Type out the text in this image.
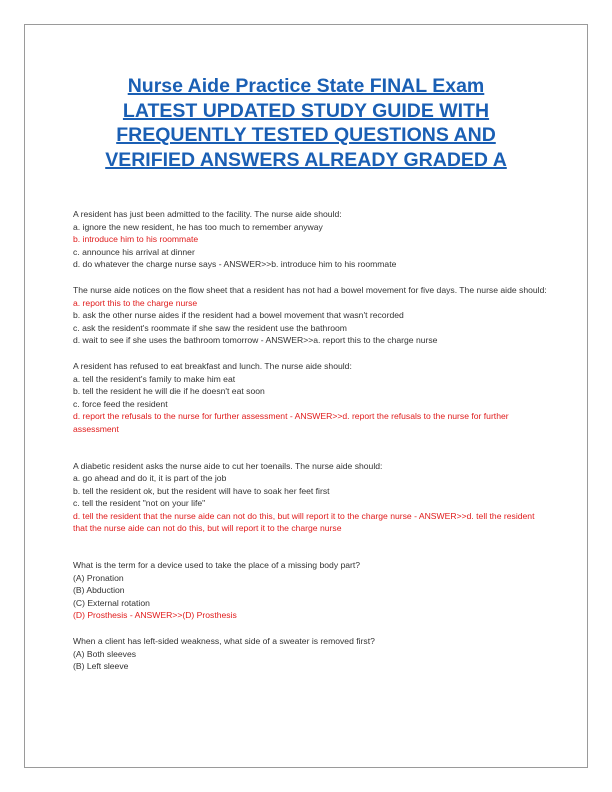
Nurse Aide Practice State FINAL Exam
LATEST UPDATED STUDY GUIDE WITH
FREQUENTLY TESTED QUESTIONS AND
VERIFIED ANSWERS ALREADY GRADED A
A resident has just been admitted to the facility. The nurse aide should:
a. ignore the new resident, he has too much to remember anyway
b. introduce him to his roommate
c. announce his arrival at dinner
d. do whatever the charge nurse says - ANSWER>>b. introduce him to his roommate
The nurse aide notices on the flow sheet that a resident has not had a bowel movement for five days. The nurse aide should:
a. report this to the charge nurse
b. ask the other nurse aides if the resident had a bowel movement that wasn't recorded
c. ask the resident's roommate if she saw the resident use the bathroom
d. wait to see if she uses the bathroom tomorrow - ANSWER>>a. report this to the charge nurse
A resident has refused to eat breakfast and lunch. The nurse aide should:
a. tell the resident's family to make him eat
b. tell the resident he will die if he doesn't eat soon
c. force feed the resident
d. report the refusals to the nurse for further assessment - ANSWER>>d. report the refusals to the nurse for further assessment
A diabetic resident asks the nurse aide to cut her toenails. The nurse aide should:
a. go ahead and do it, it is part of the job
b. tell the resident ok, but the resident will have to soak her feet first
c. tell the resident "not on your life"
d. tell the resident that the nurse aide can not do this, but will report it to the charge nurse - ANSWER>>d. tell the resident that the nurse aide can not do this, but will report it to the charge nurse
What is the term for a device used to take the place of a missing body part?
(A) Pronation
(B) Abduction
(C) External rotation
(D) Prosthesis - ANSWER>>(D) Prosthesis
When a client has left-sided weakness, what side of a sweater is removed first?
(A) Both sleeves
(B) Left sleeve
